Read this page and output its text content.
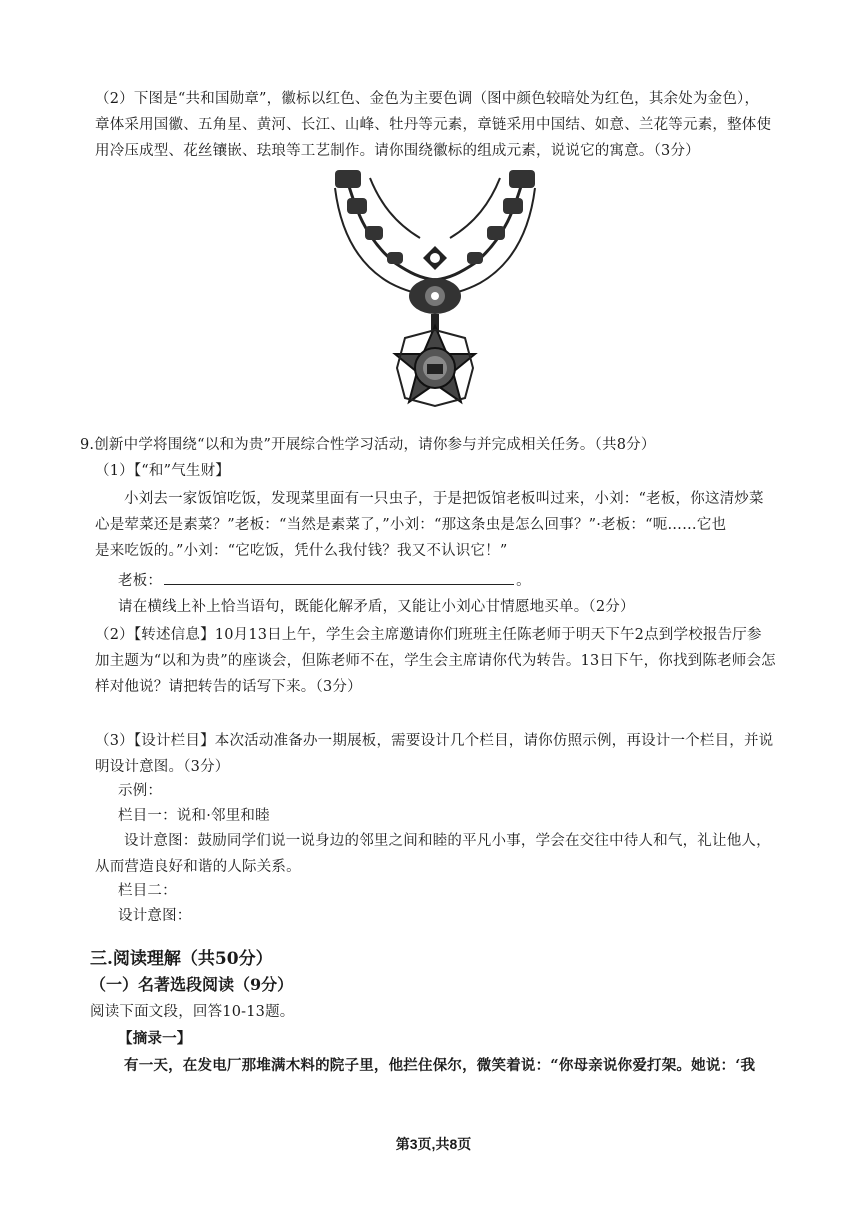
（2）下图是“共和国勋章”，徽标以红色、金色为主要色调（图中颜色较暗处为红色，其余处为金色），
章体采用国徽、五角星、黄河、长江、山峰、牡丹等元素，章链采用中国结、如意、兰花等元素，整体使
用冷压成型、花丝镶嵌、珐琅等工艺制作。请你围绕徽标的组成元素，说说它的寓意。（3分）
9.创新中学将围绕“以和为贵”开展综合性学习活动，请你参与并完成相关任务。（共8分）
（1）【“和”气生财】
小刘去一家饭馆吃饭，发现菜里面有一只虫子，于是把饭馆老板叫过来，小刘：“老板，你这清炒菜
心是荤菜还是素菜？”老板：“当然是素菜了，”小刘：“那这条虫是怎么回事？”·老板：“呃……它也
是来吃饭的。”小刘：“它吃饭，凭什么我付钱？我又不认识它！”
老板：	。
请在横线上补上恰当语句，既能化解矛盾，又能让小刘心甘情愿地买单。（2分）
（2）【转述信息】10月13日上午，学生会主席邀请你们班班主任陈老师于明天下午2点到学校报告厅参
加主题为“以和为贵”的座谈会，但陈老师不在，学生会主席请你代为转告。13日下午，你找到陈老师会怎
样对他说？请把转告的话写下来。（3分）
（3）【设计栏目】本次活动准备办一期展板，需要设计几个栏目，请你仿照示例，再设计一个栏目，并说
明设计意图。（3分）
示例：
栏目一：说和·邻里和睦
设计意图：鼓励同学们说一说身边的邻里之间和睦的平凡小事，学会在交往中待人和气，礼让他人，
从而营造良好和谐的人际关系。
栏目二：
设计意图：
三.阅读理解（共50分）
（一）名著选段阅读（9分）
阅读下面文段，回答10-13题。
【摘录一】
有一天，在发电厂那堆满木料的院子里，他拦住保尔，微笑着说：“你母亲说你爱打架。她说：‘我
第3页,共8页
